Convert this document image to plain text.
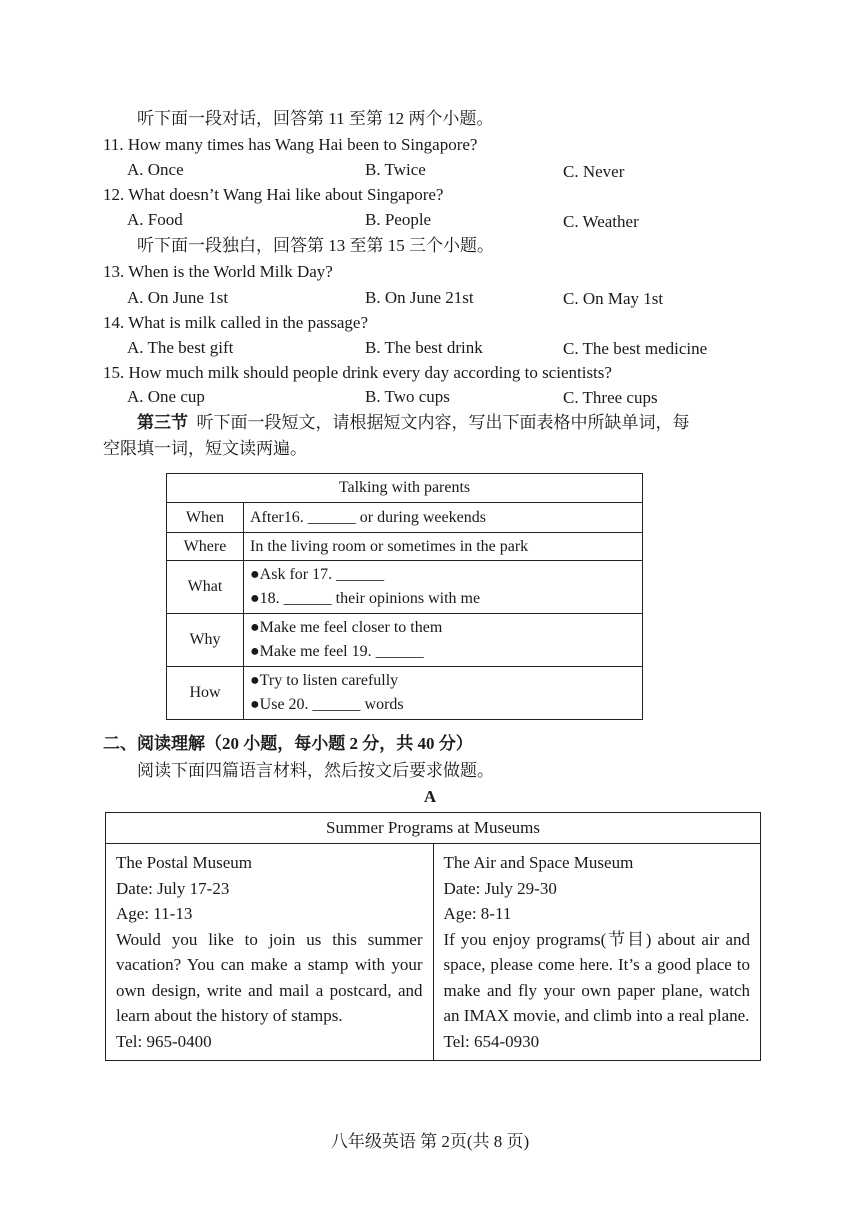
听下面一段对话，回答第 11 至第 12 两个小题。
11. How many times has Wang Hai been to Singapore?
A. Once	B. Twice	C. Never
12. What doesn’t Wang Hai like about Singapore?
A. Food	B. People	C. Weather
听下面一段独白，回答第 13 至第 15 三个小题。
13. When is the World Milk Day?
A. On June 1st	B. On June 21st	C. On May 1st
14. What is milk called in the passage?
A. The best gift	B. The best drink	C. The best medicine
15. How much milk should people drink every day according to scientists?
A. One cup	B. Two cups	C. Three cups
第三节 听下面一段短文，请根据短文内容，写出下面表格中所缺单词，每
空限填一词，短文读两遍。
Talking with parents	
When	After16. ______ or during weekends

Where	In the living room or sometimes in the park

What	●Ask for 17. ______
●18. ______ their opinions with me

Why	●Make me feel closer to them
●Make me feel 19. ______

How	●Try to listen carefully
●Use 20. ______ words
二、阅读理解（20 小题，每小题 2 分，共 40 分）
阅读下面四篇语言材料，然后按文后要求做题。
A
Summer Programs at Museums

The Postal Museum
Date: July 17-23
Age: 11-13
Would you like to join us this summer vacation? You can make a stamp with your own design, write and mail a postcard, and learn about the history of stamps.
Tel: 965-0400

The Air and Space Museum
Date: July 29-30
Age: 8-11
If you enjoy programs(节目) about air and space, please come here. It’s a good place to make and fly your own paper plane, watch an IMAX movie, and climb into a real plane.
Tel: 654-0930
八年级英语 第 2页(共 8 页)
